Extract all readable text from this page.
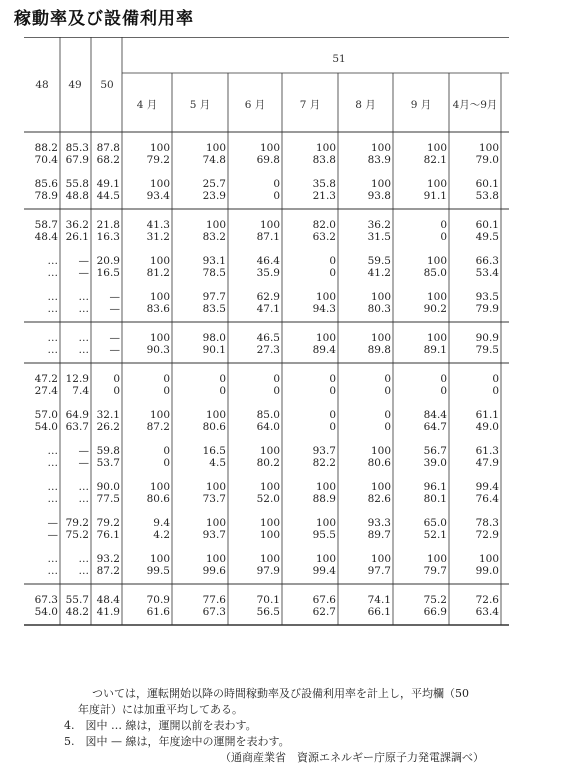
稼動率及び設備利用率
48	49	50
51
4 月	5 月	6 月	7 月	8 月	9 月	4月～9月
88.2 85.3 87.8	100	100	100	100	100	100	100
70.4 67.9 68.2	79.2	74.8	69.8	83.8	83.9	82.1	79.0
85.6 55.8 49.1	100	25.7	0	35.8	100	100	60.1
78.9 48.8 44.5	93.4	23.9	0	21.3	93.8	91.1	53.8
58.7 36.2 21.8	41.3	100	100	82.0	36.2	0	60.1
48.4 26.1 16.3	31.2	83.2	87.1	63.2	31.5	0	49.5
…	— 20.9	100	93.1	46.4	0	59.5	100	66.3
…	— 16.5	81.2	78.5	35.9	0	41.2	85.0	53.4
…	…	—	100	97.7	62.9	100	100	100	93.5
…	…	—	83.6	83.5	47.1	94.3	80.3	90.2	79.9
…	…	—	100	98.0	46.5	100	100	100	90.9
…	…	—	90.3	90.1	27.3	89.4	89.8	89.1	79.5
47.2 12.9	0	0	0	0	0	0	0	0
27.4	7.4	0	0	0	0	0	0	0	0
57.0 64.9 32.1	100	100	85.0	0	0	84.4	61.1
54.0 63.7 26.2	87.2	80.6	64.0	0	0	64.7	49.0
…	— 59.8	0	16.5	100	93.7	100	56.7	61.3
…	— 53.7	0	4.5	80.2	82.2	80.6	39.0	47.9
…	… 90.0	100	100	100	100	100	96.1	99.4
…	… 77.5	80.6	73.7	52.0	88.9	82.6	80.1	76.4
— 79.2 79.2	9.4	100	100	100	93.3	65.0	78.3
— 75.2 76.1	4.2	93.7	100	95.5	89.7	52.1	72.9
…	… 93.2	100	100	100	100	100	100	100
…	… 87.2	99.5	99.6	97.9	99.4	97.7	79.7	99.0
67.3 55.7 48.4	70.9	77.6	70.1	67.6	74.1	75.2	72.6
54.0 48.2 41.9	61.6	67.3	56.5	62.7	66.1	66.9	63.4

ついては，運転開始以降の時間稼動率及び設備利用率を計上し，平均欄（50

年度計）には加重平均してある。

4.　図中 … 線は，運開以前を表わす。

5.　図中 — 線は，年度途中の運開を表わす。

（通商産業省　資源エネルギー庁原子力発電課調べ）
